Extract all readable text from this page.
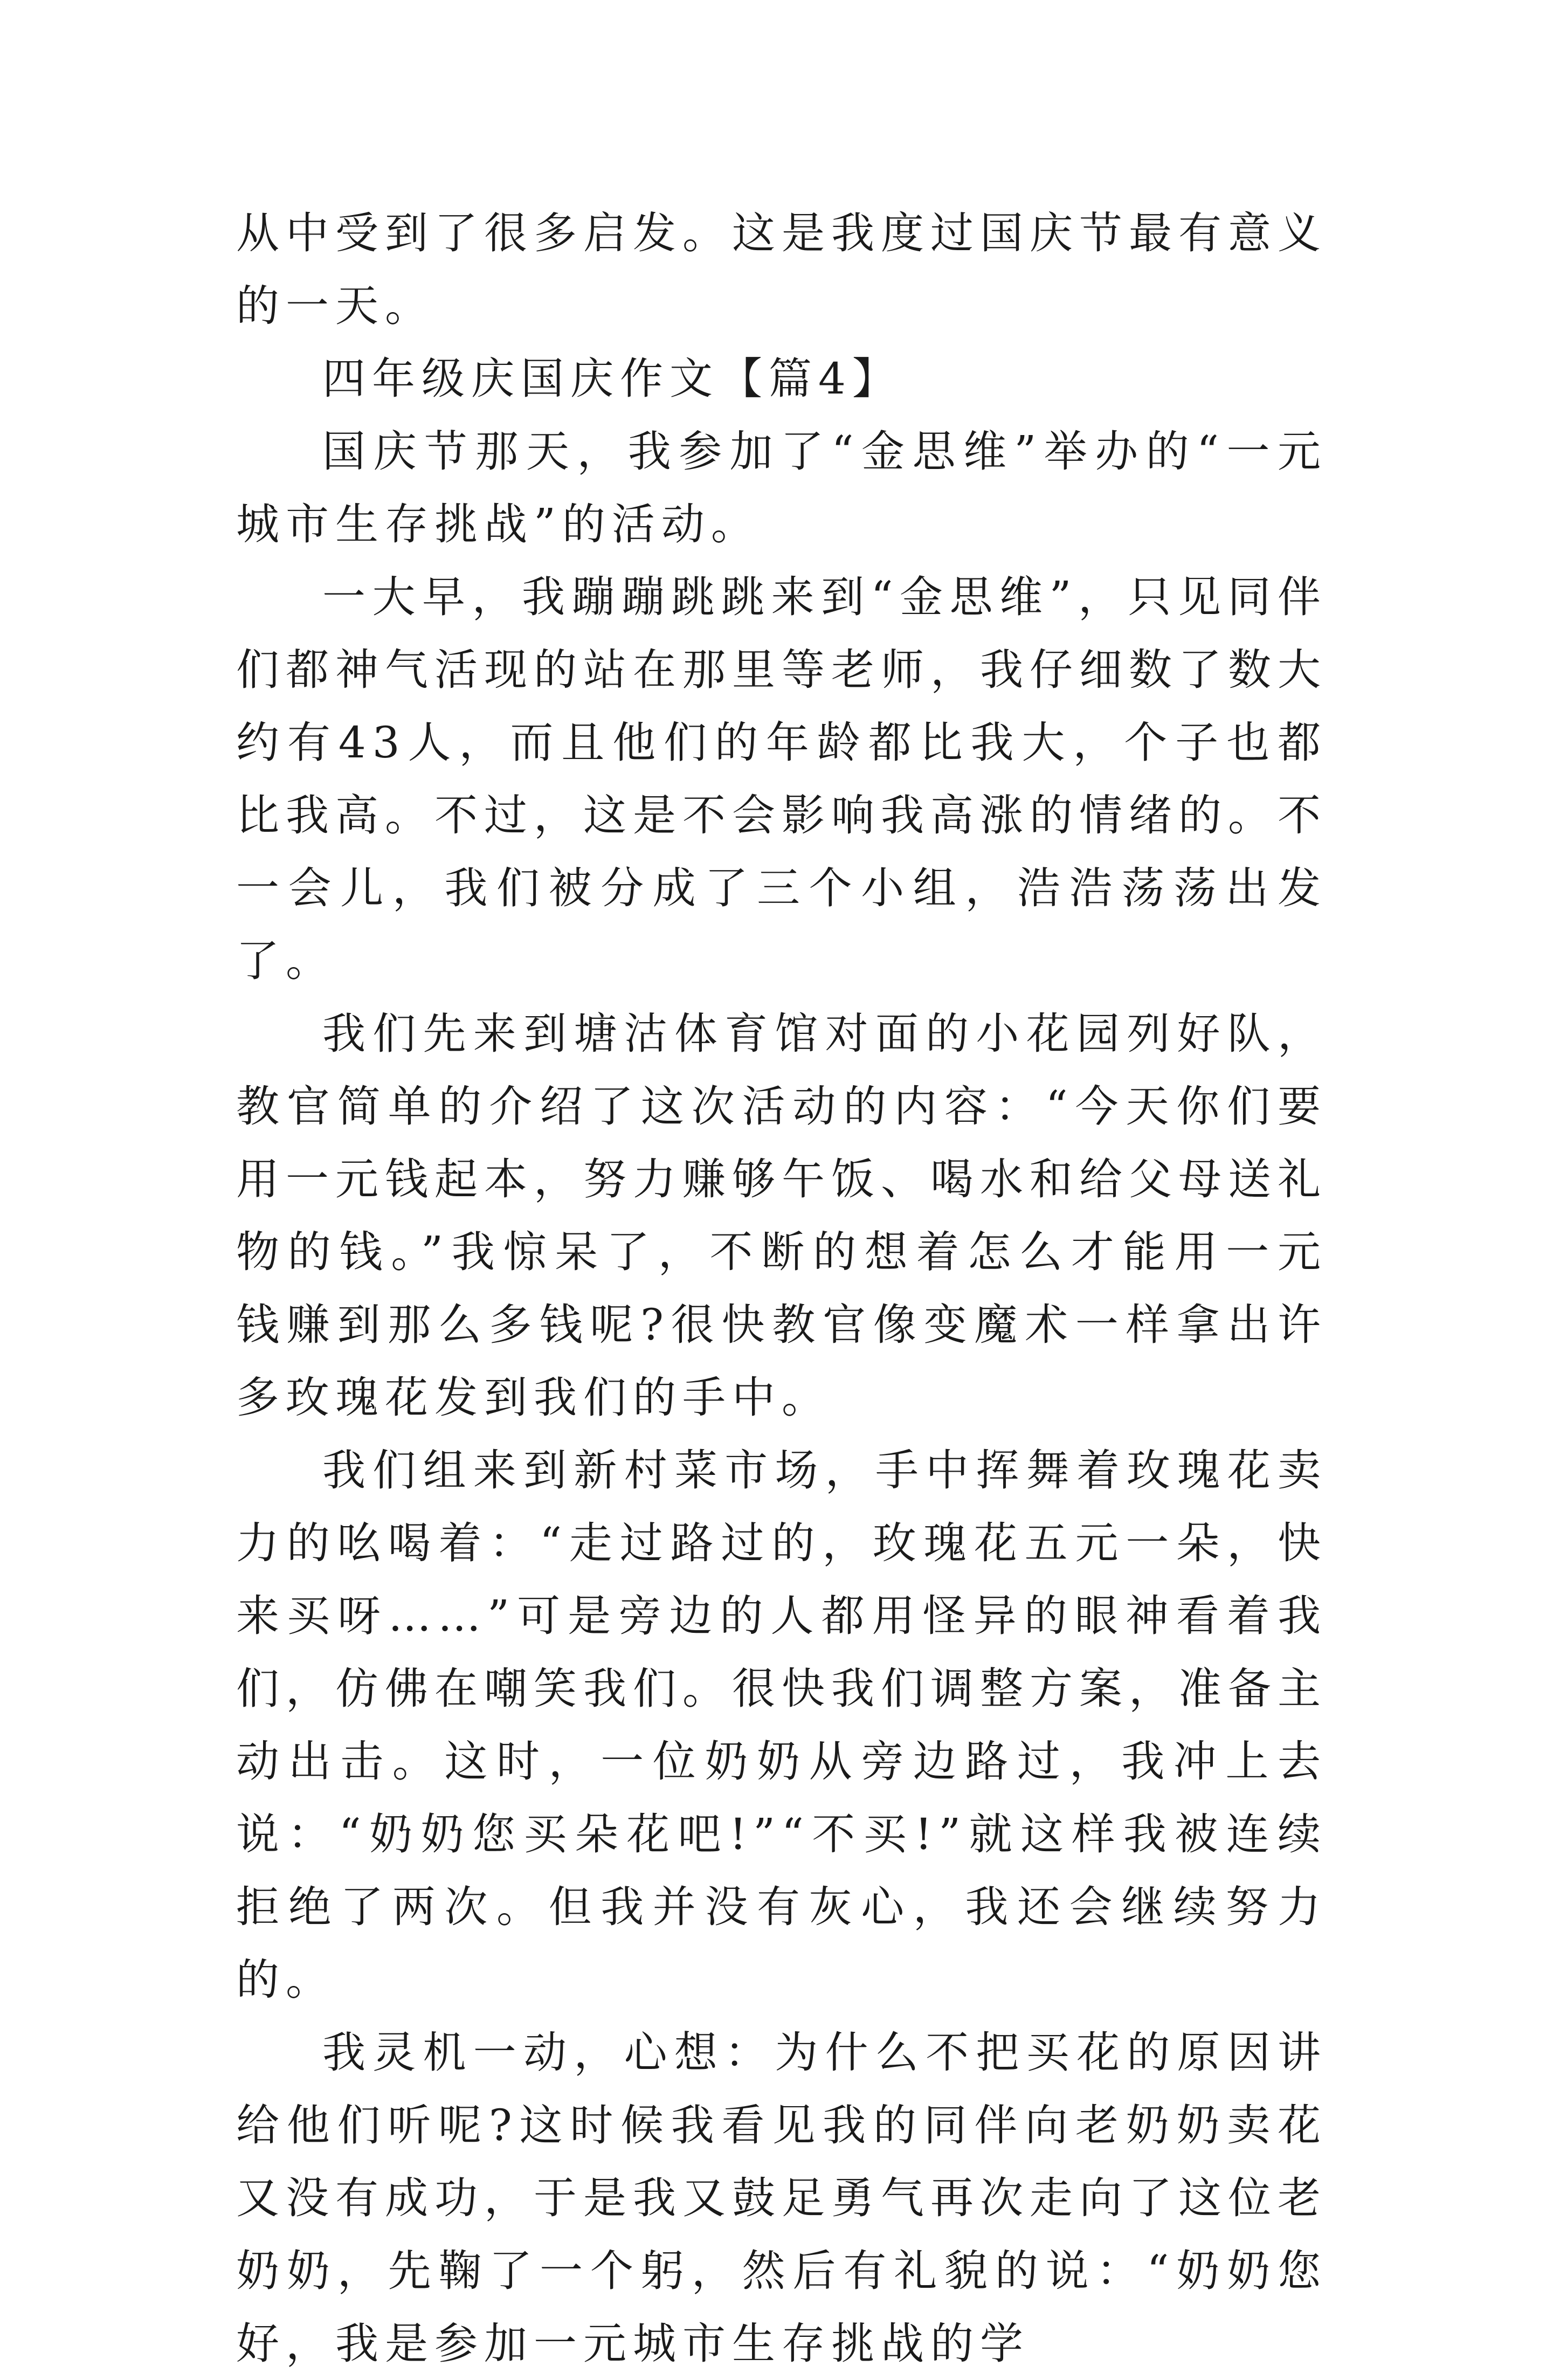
从中受到了很多启发。这是我度过国庆节最有意义的一天。

四年级庆国庆作文【篇4】

国庆节那天，我参加了“金思维”举办的“一元城市生存挑战”的活动。

一大早，我蹦蹦跳跳来到“金思维”，只见同伴们都神气活现的站在那里等老师，我仔细数了数大约有43人，而且他们的年龄都比我大，个子也都比我高。不过，这是不会影响我高涨的情绪的。不一会儿，我们被分成了三个小组，浩浩荡荡出发了。

我们先来到塘沽体育馆对面的小花园列好队，教官简单的介绍了这次活动的内容：“今天你们要用一元钱起本，努力赚够午饭、喝水和给父母送礼物的钱。”我惊呆了，不断的想着怎么才能用一元钱赚到那么多钱呢?很快教官像变魔术一样拿出许多玫瑰花发到我们的手中。

我们组来到新村菜市场，手中挥舞着玫瑰花卖力的吆喝着：“走过路过的，玫瑰花五元一朵，快来买呀……”可是旁边的人都用怪异的眼神看着我们，仿佛在嘲笑我们。很快我们调整方案，准备主动出击。这时，一位奶奶从旁边路过，我冲上去说：“奶奶您买朵花吧!”“不买!”就这样我被连续拒绝了两次。但我并没有灰心，我还会继续努力的。

我灵机一动，心想：为什么不把买花的原因讲给他们听呢?这时候我看见我的同伴向老奶奶卖花又没有成功，于是我又鼓足勇气再次走向了这位老奶奶，先鞠了一个躬，然后有礼貌的说：“奶奶您好，我是参加一元城市生存挑战的学
